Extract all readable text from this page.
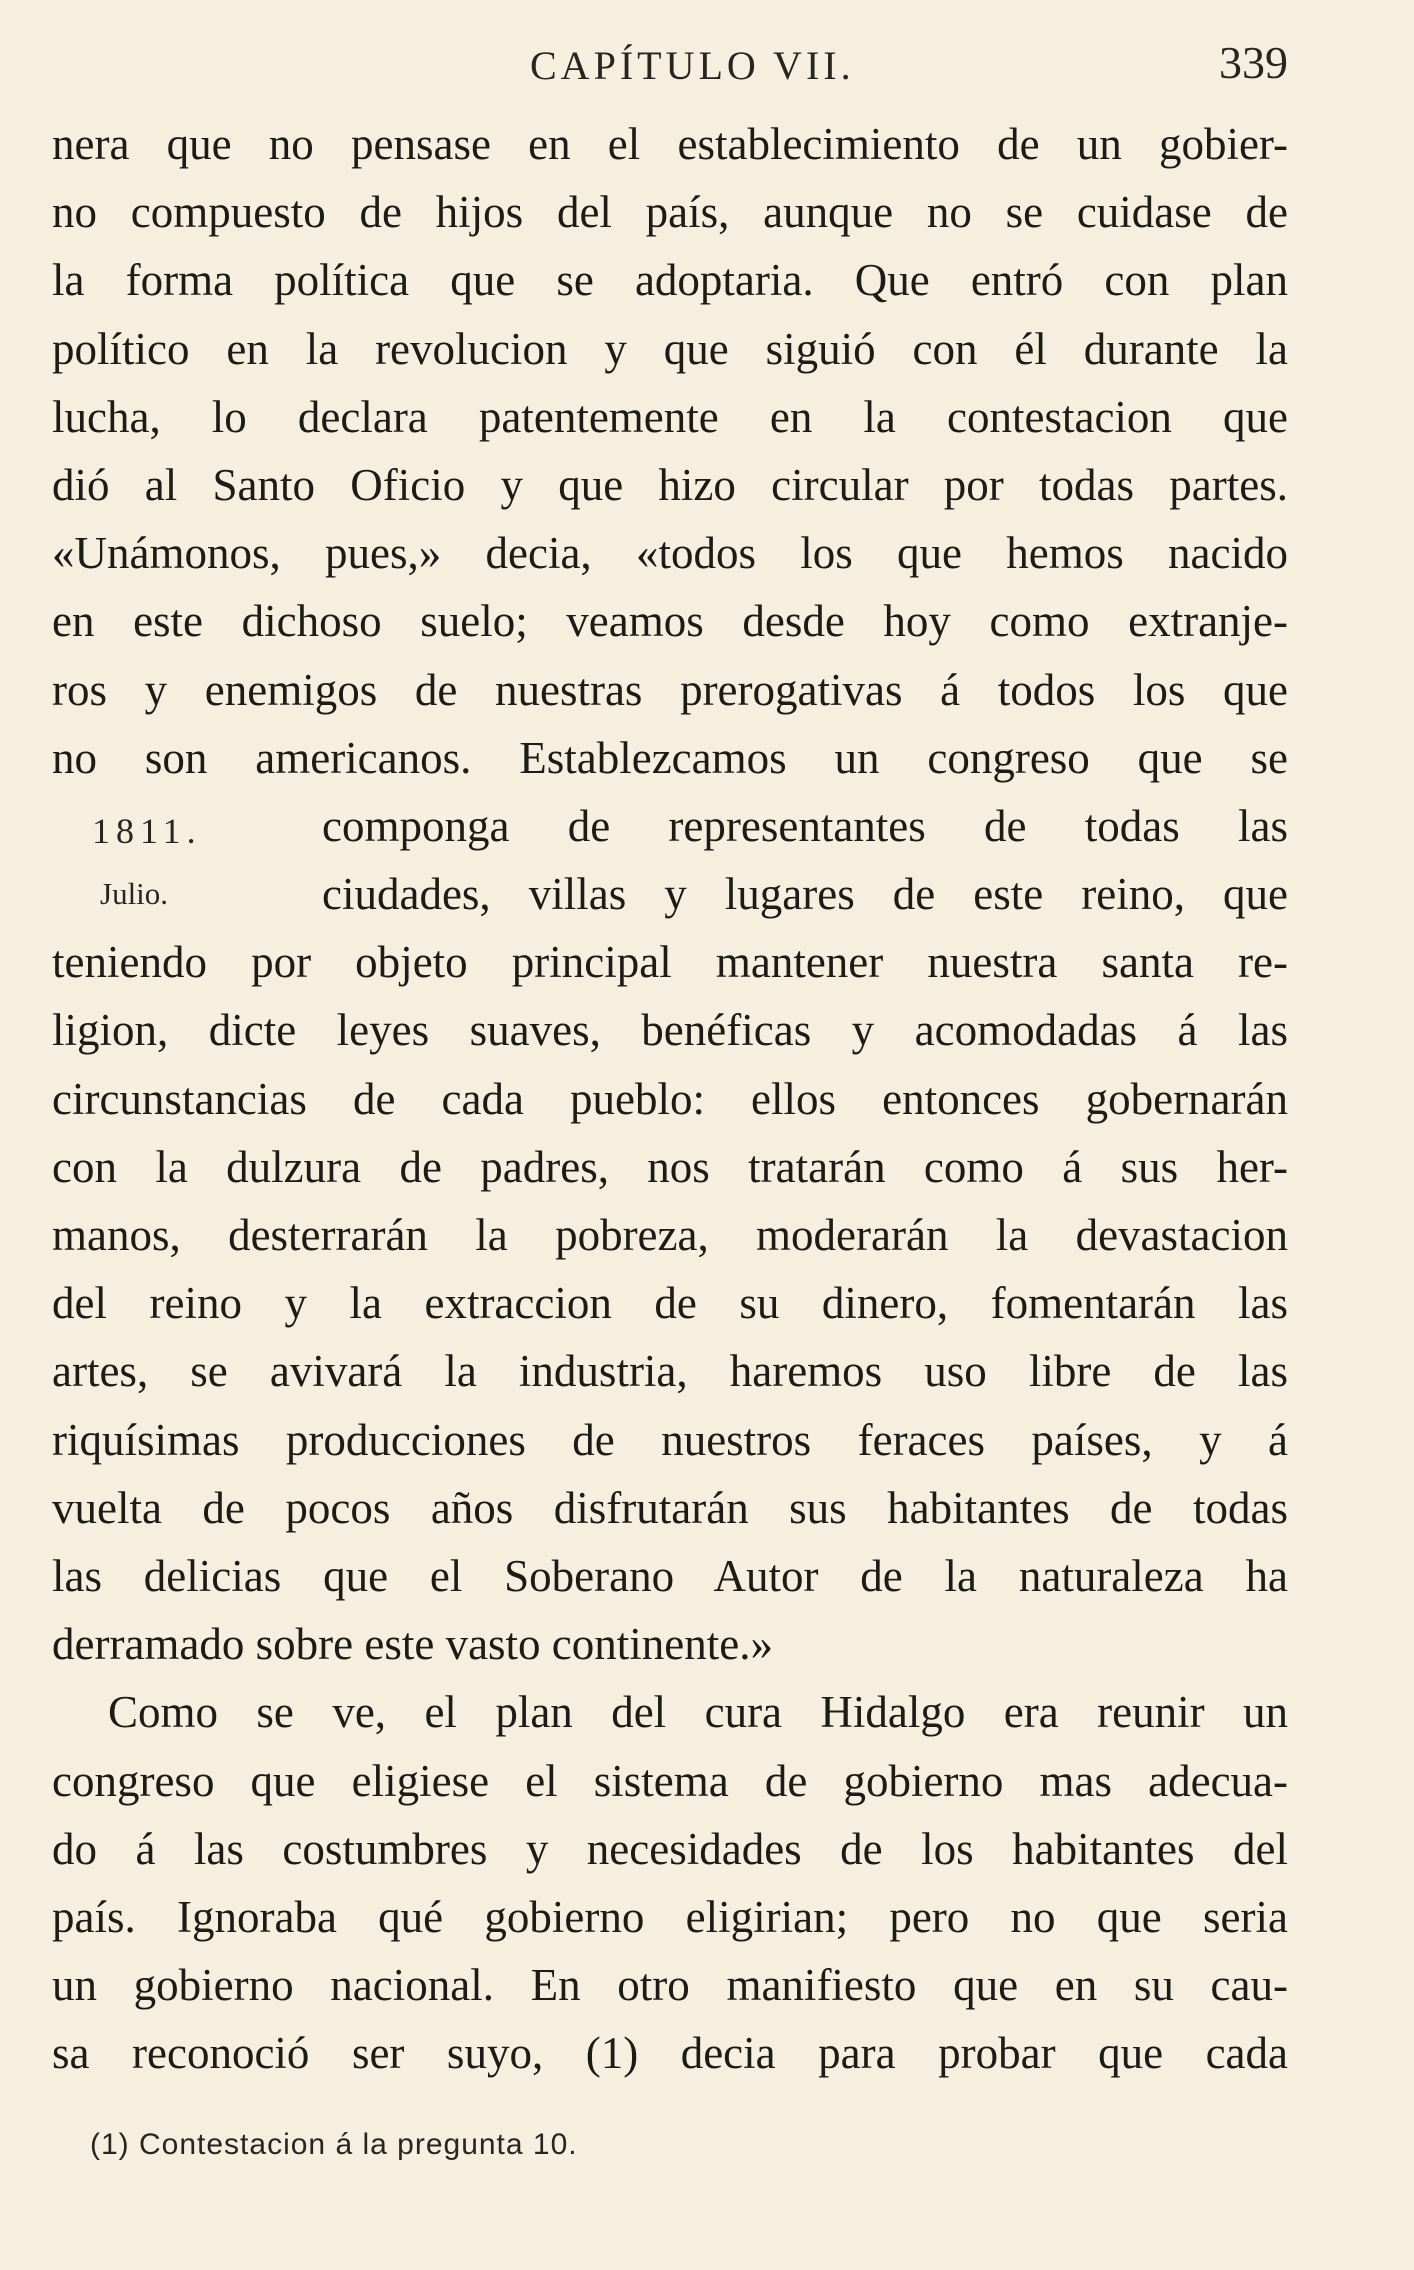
CAPÍTULO VII.	339
nera que no pensase en el establecimiento de un gobier-
no compuesto de hijos del país, aunque no se cuidase de
la forma política que se adoptaria. Que entró con plan
político en la revolucion y que siguió con él durante la
lucha, lo declara patentemente en la contestacion que
dió al Santo Oficio y que hizo circular por todas partes.
«Unámonos, pues,» decia, «todos los que hemos nacido
en este dichoso suelo; veamos desde hoy como extranje-
ros y enemigos de nuestras prerogativas á todos los que
no son americanos. Establezcamos un congreso que se
1811.	componga de representantes de todas las
Julio.	ciudades, villas y lugares de este reino, que
teniendo por objeto principal mantener nuestra santa re-
ligion, dicte leyes suaves, benéficas y acomodadas á las
circunstancias de cada pueblo: ellos entonces gobernarán
con la dulzura de padres, nos tratarán como á sus her-
manos, desterrarán la pobreza, moderarán la devastacion
del reino y la extraccion de su dinero, fomentarán las
artes, se avivará la industria, haremos uso libre de las
riquísimas producciones de nuestros feraces países, y á
vuelta de pocos años disfrutarán sus habitantes de todas
las delicias que el Soberano Autor de la naturaleza ha
derramado sobre este vasto continente.»
Como se ve, el plan del cura Hidalgo era reunir un
congreso que eligiese el sistema de gobierno mas adecua-
do á las costumbres y necesidades de los habitantes del
país. Ignoraba qué gobierno eligirian; pero no que seria
un gobierno nacional. En otro manifiesto que en su cau-
sa reconoció ser suyo, (1) decia para probar que cada
(1) Contestacion á la pregunta 10.
